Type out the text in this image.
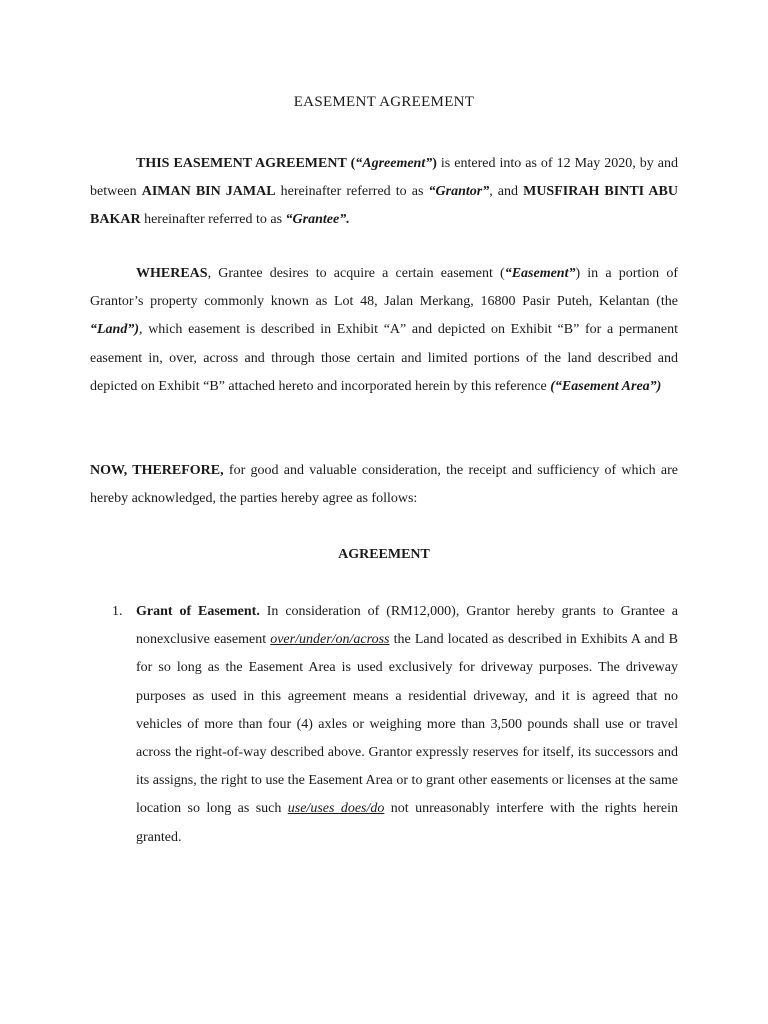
EASEMENT AGREEMENT

THIS EASEMENT AGREEMENT (“Agreement”) is entered into as of 12 May 2020, by and between AIMAN BIN JAMAL hereinafter referred to as “Grantor”, and MUSFIRAH BINTI ABU BAKAR hereinafter referred to as “Grantee”.

WHEREAS, Grantee desires to acquire a certain easement (“Easement”) in a portion of Grantor’s property commonly known as Lot 48, Jalan Merkang, 16800 Pasir Puteh, Kelantan (the “Land”), which easement is described in Exhibit “A” and depicted on Exhibit “B” for a permanent easement in, over, across and through those certain and limited portions of the land described and depicted on Exhibit “B” attached hereto and incorporated herein by this reference (“Easement Area”)

NOW, THEREFORE, for good and valuable consideration, the receipt and sufficiency of which are hereby acknowledged, the parties hereby agree as follows:

AGREEMENT
1. Grant of Easement. In consideration of (RM12,000), Grantor hereby grants to Grantee a nonexclusive easement over/under/on/across the Land located as described in Exhibits A and B for so long as the Easement Area is used exclusively for driveway purposes. The driveway purposes as used in this agreement means a residential driveway, and it is agreed that no vehicles of more than four (4) axles or weighing more than 3,500 pounds shall use or travel across the right-of-way described above. Grantor expressly reserves for itself, its successors and its assigns, the right to use the Easement Area or to grant other easements or licenses at the same location so long as such use/uses does/do not unreasonably interfere with the rights herein granted.
